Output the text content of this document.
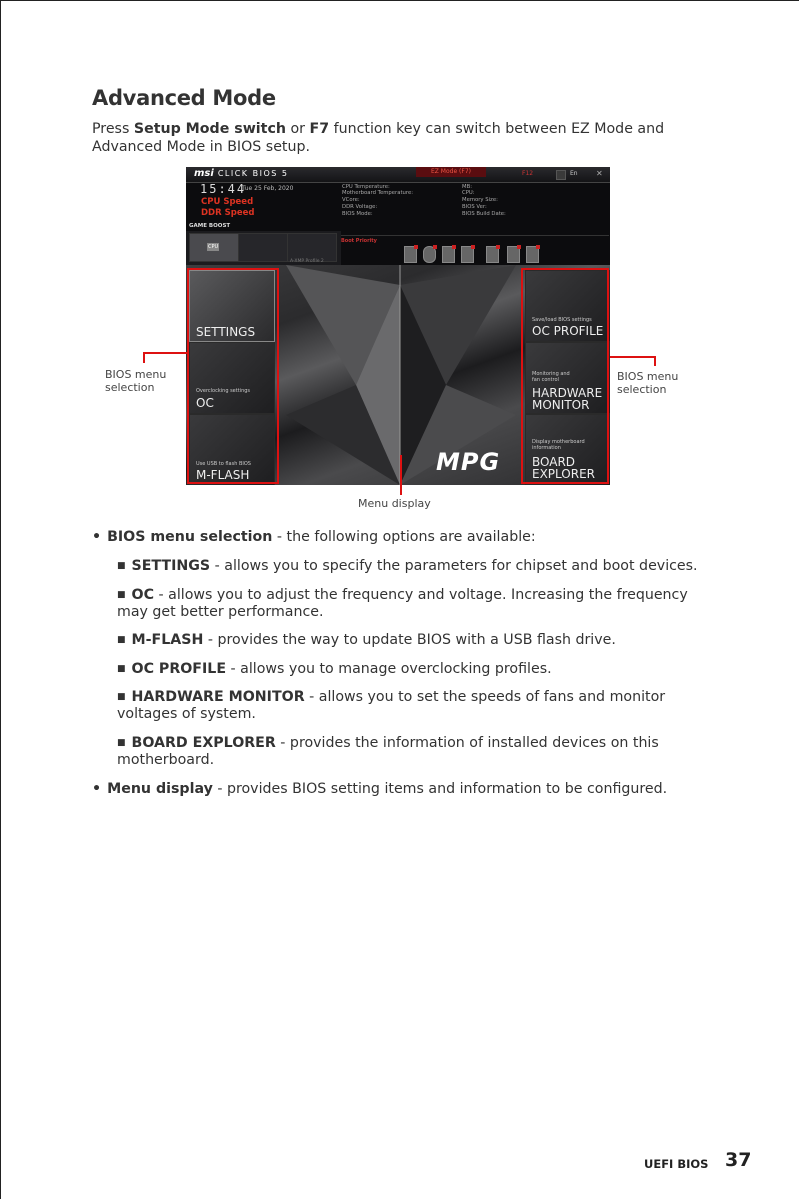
Advanced Mode
Press Setup Mode switch or F7 function key can switch between EZ Mode and
Advanced Mode in BIOS setup.
msi CLICK BIOS 5	EZ Mode (F7)	F12	En ✕
15:44
Tue 25 Feb, 2020
CPU Speed
DDR Speed
GAME BOOST
CPU
A-XMP Profile 2
CPU Temperature:
Motherboard Temperature:
VCore:
DDR Voltage:
BIOS Mode:
MB:
CPU:
Memory Size:
BIOS Ver:
BIOS Build Date:
Boot Priority
MPG
SETTINGS
Overclocking settings
OC
Use USB to flash BIOS
M-FLASH
Save/load BIOS settings
OC PROFILE
Monitoring and
fan control
HARDWARE
MONITOR
Display motherboard
information
BOARD
EXPLORER
BIOS menu
selection
BIOS menu
selection
Menu display
• BIOS menu selection - the following options are available:
■ SETTINGS - allows you to specify the parameters for chipset and boot devices.
■ OC - allows you to adjust the frequency and voltage. Increasing the frequency
may get better performance.
■ M-FLASH - provides the way to update BIOS with a USB flash drive.
■ OC PROFILE - allows you to manage overclocking profiles.
■ HARDWARE MONITOR - allows you to set the speeds of fans and monitor
voltages of system.
■ BOARD EXPLORER - provides the information of installed devices on this
motherboard.
• Menu display - provides BIOS setting items and information to be configured.
UEFI BIOS 37
